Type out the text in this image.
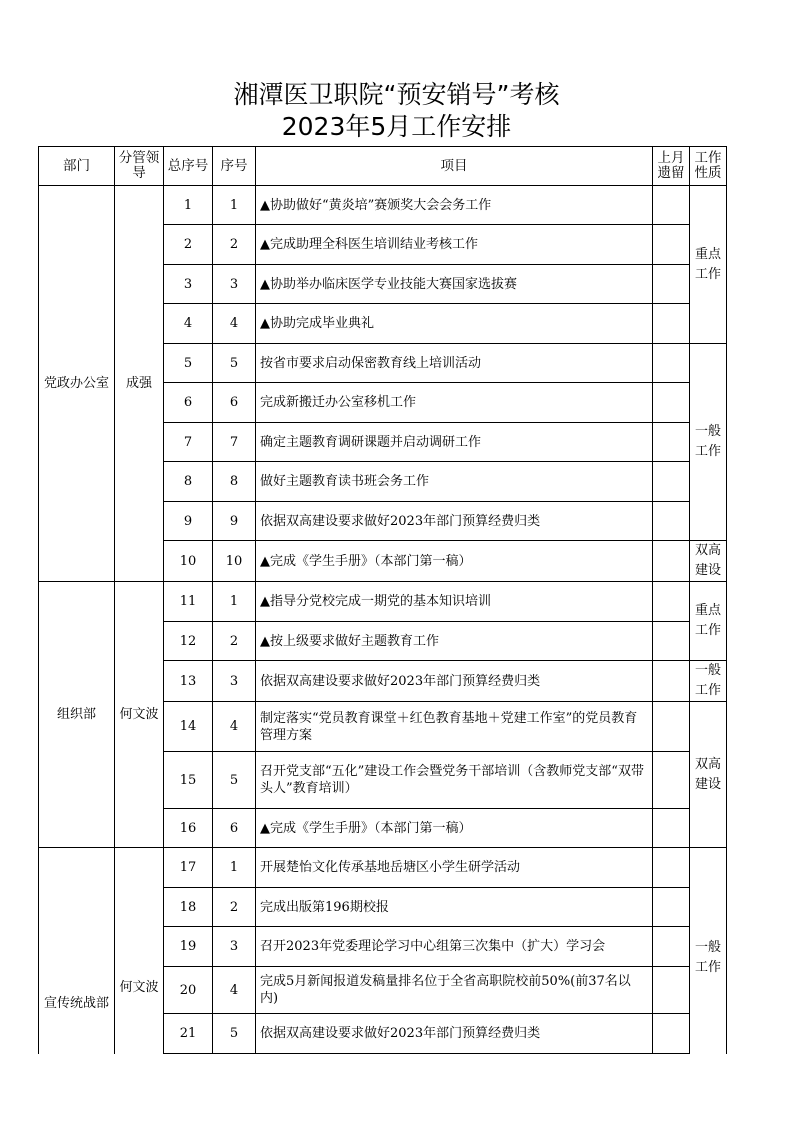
湘潭医卫职院“预安销号”考核
2023年5月工作安排
部门	分管领导	总序号	序号	项目	上月遗留	工作性质
党政办公室	成强	1	1	▲协助做好“黄炎培”赛颁奖大会会务工作		重点工作
		2	2	▲完成助理全科医生培训结业考核工作		
		3	3	▲协助举办临床医学专业技能大赛国家选拔赛		
		4	4	▲协助完成毕业典礼		
		5	5	按省市要求启动保密教育线上培训活动		一般工作
		6	6	完成新搬迁办公室移机工作		
		7	7	确定主题教育调研课题并启动调研工作		
		8	8	做好主题教育读书班会务工作		
		9	9	依据双高建设要求做好2023年部门预算经费归类		
		10	10	▲完成《学生手册》（本部门第一稿）		双高建设
组织部	何文波	11	1	▲指导分党校完成一期党的基本知识培训		重点工作
		12	2	▲按上级要求做好主题教育工作		
		13	3	依据双高建设要求做好2023年部门预算经费归类		一般工作
		14	4	制定落实“党员教育课堂＋红色教育基地＋党建工作室”的党员教育管理方案		双高建设
		15	5	召开党支部“五化”建设工作会暨党务干部培训（含教师党支部“双带头人”教育培训）		
		16	6	▲完成《学生手册》（本部门第一稿）		
宣传统战部	何文波	17	1	开展楚怡文化传承基地岳塘区小学生研学活动		一般工作
		18	2	完成出版第196期校报		
		19	3	召开2023年党委理论学习中心组第三次集中（扩大）学习会		
		20	4	完成5月新闻报道发稿量排名位于全省高职院校前50%(前37名以内)		
		21	5	依据双高建设要求做好2023年部门预算经费归类		
